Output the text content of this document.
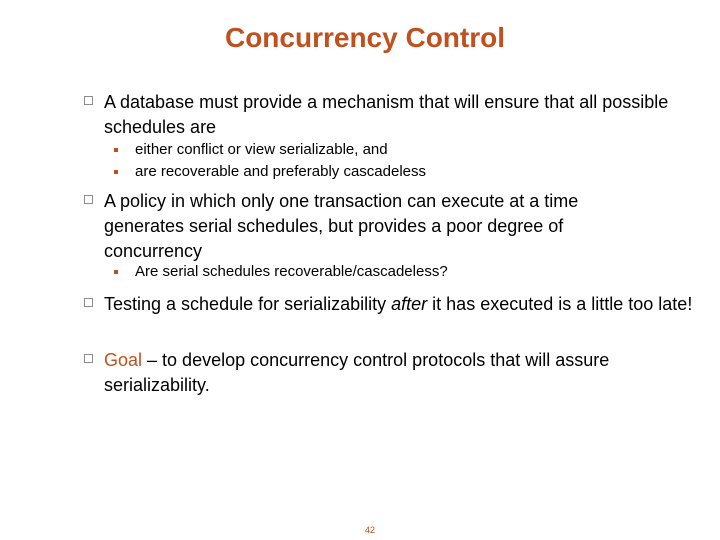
Concurrency Control
A database must provide a mechanism that will ensure that all possible schedules are
either conflict or view serializable, and
are recoverable and preferably cascadeless
A policy in which only one transaction can execute at a time generates serial schedules, but provides a poor degree of concurrency
Are serial schedules recoverable/cascadeless?
Testing a schedule for serializability after it has executed is a little too late!
Goal – to develop concurrency control protocols that will assure serializability.
42
